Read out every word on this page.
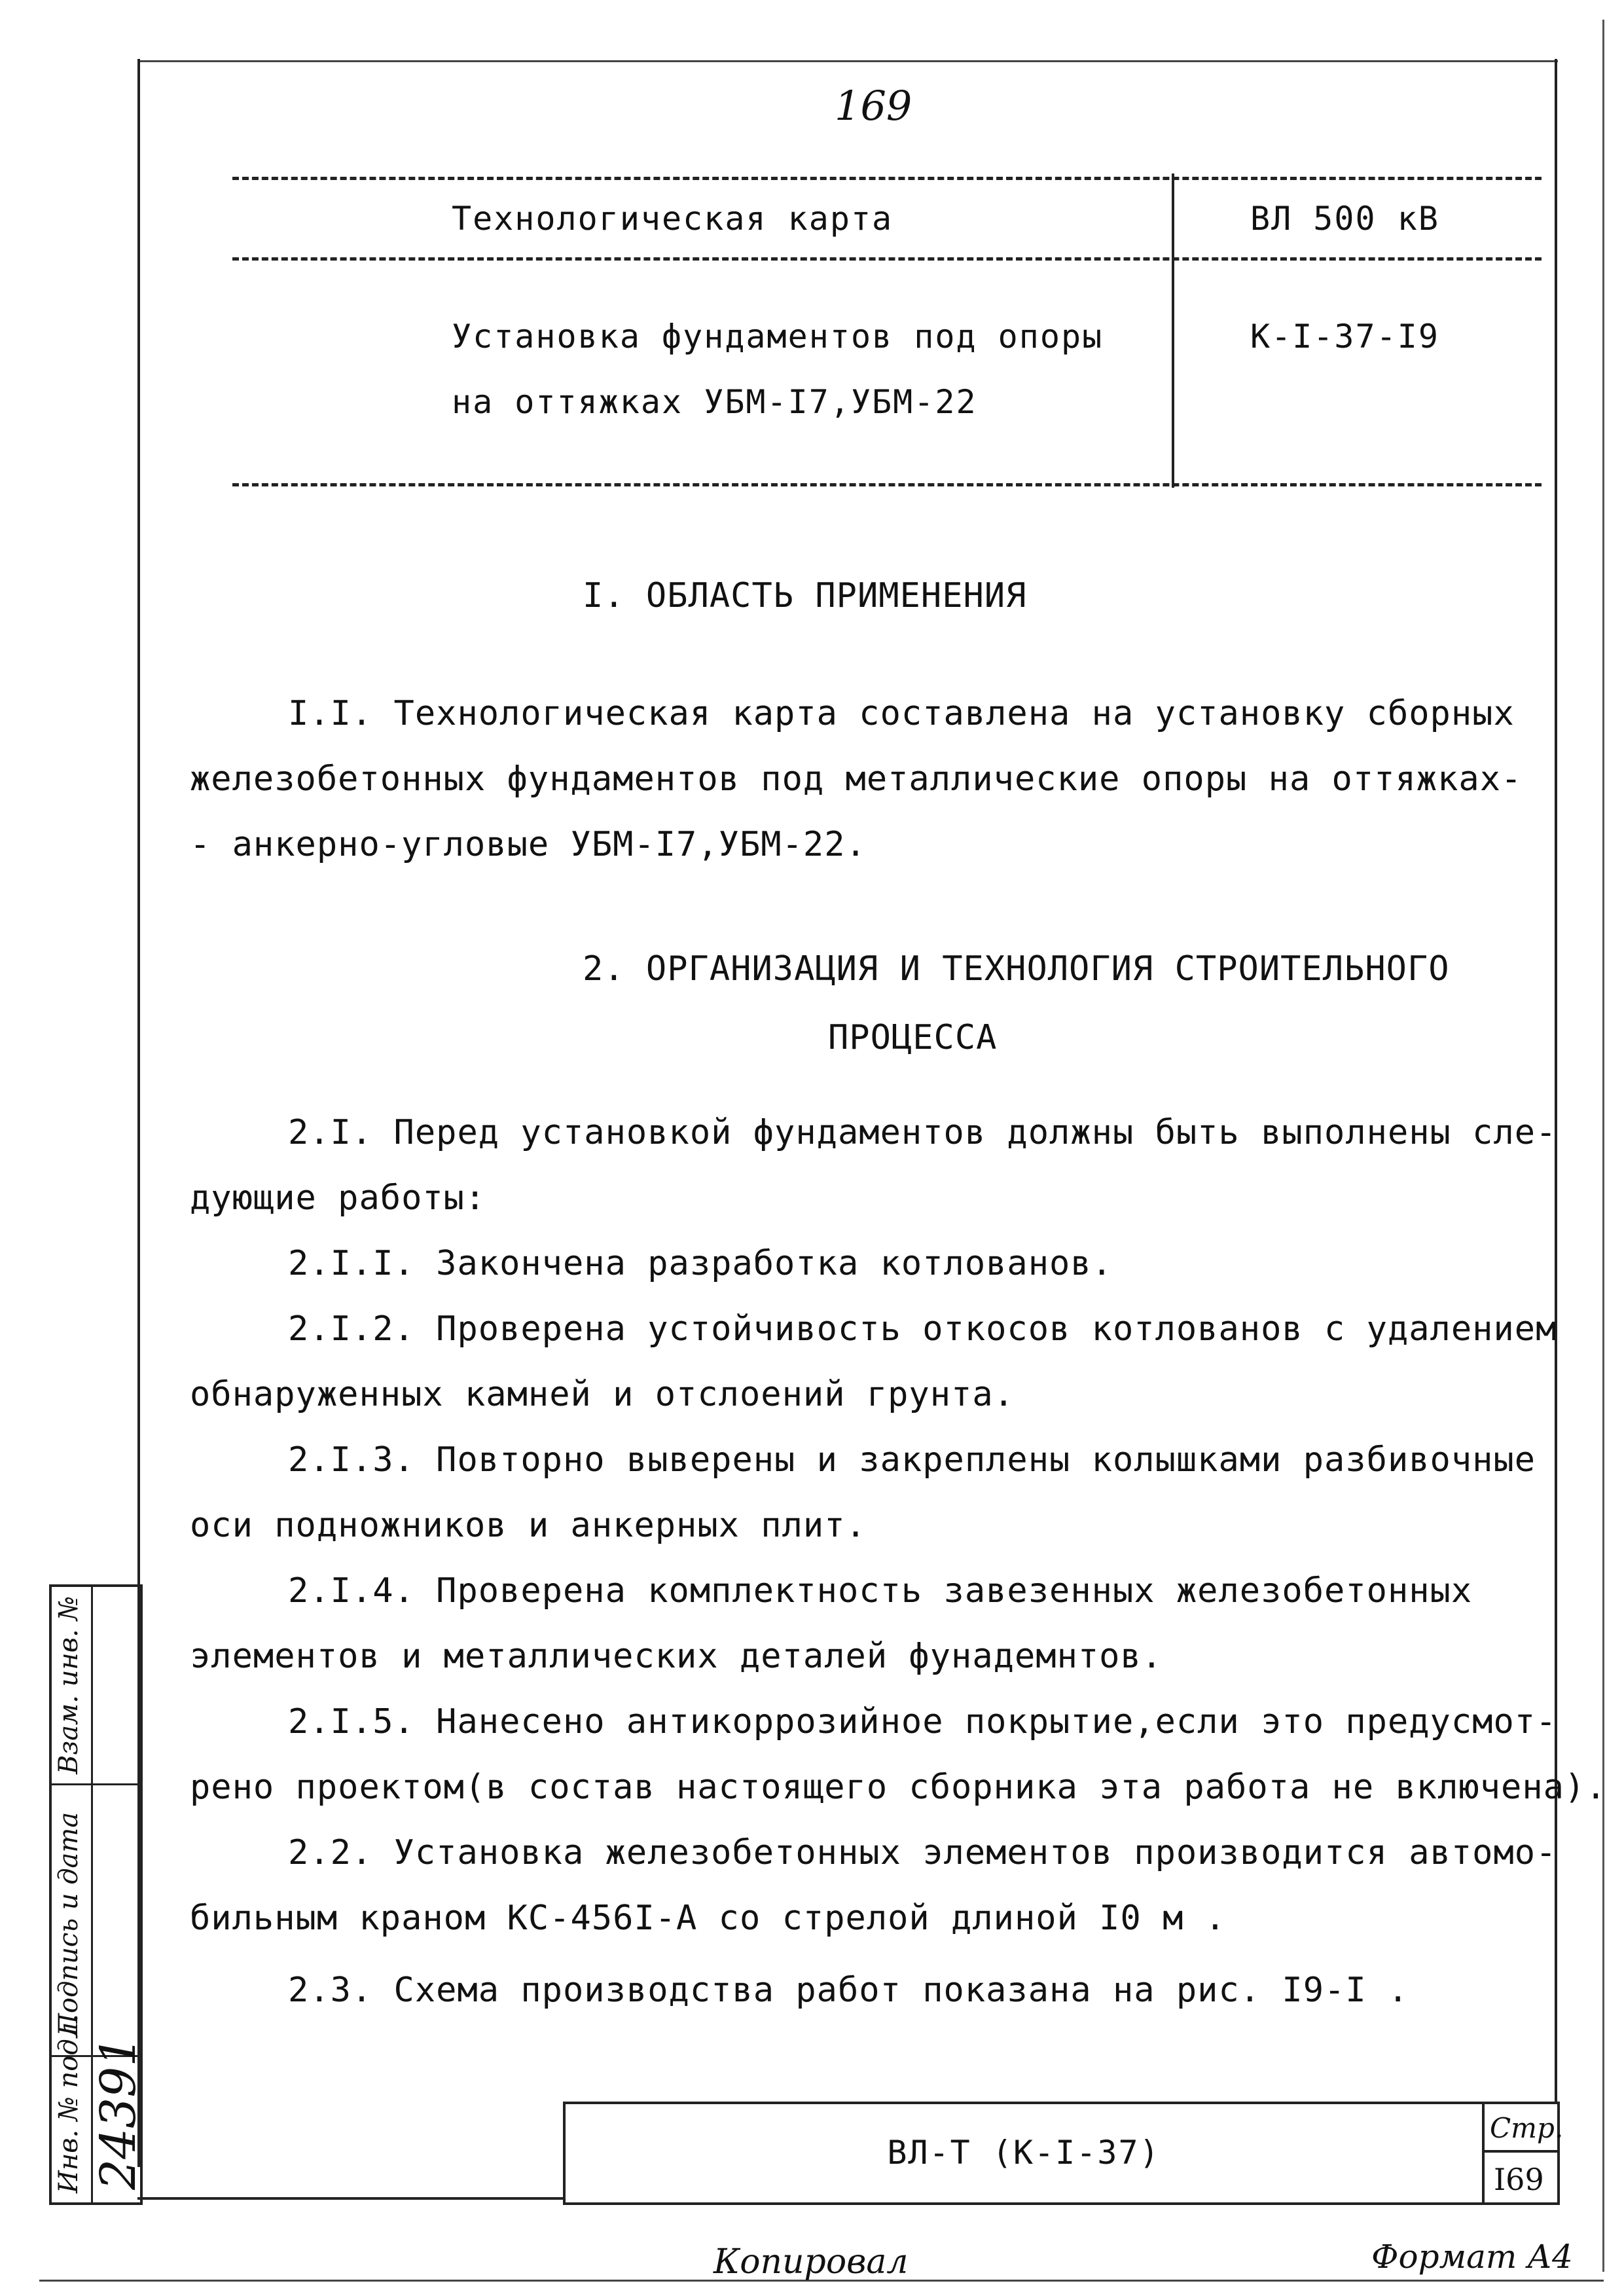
169
Технологическая карта	ВЛ 500 кВ
Установка фундаментов под опоры
на оттяжках УБМ-I7,УБМ-22
К-I-37-I9
I. ОБЛАСТЬ ПРИМЕНЕНИЯ
I.I. Технологическая карта составлена на установку сборных
железобетонных фундаментов под металлические опоры на оттяжках-
- анкерно-угловые УБМ-I7,УБМ-22.
2. ОРГАНИЗАЦИЯ И ТЕХНОЛОГИЯ СТРОИТЕЛЬНОГО
ПРОЦЕССА
2.I. Перед установкой фундаментов должны быть выполнены сле-
дующие работы:
2.I.I. Закончена разработка котлованов.
2.I.2. Проверена устойчивость откосов котлованов с удалением
обнаруженных камней и отслоений грунта.
2.I.3. Повторно выверены и закреплены колышками разбивочные
оси подножников и анкерных плит.
2.I.4. Проверена комплектность завезенных железобетонных
элементов и металлических деталей фунадемнтов.
2.I.5. Нанесено антикоррозийное покрытие,если это предусмот-
рено проектом(в состав настоящего сборника эта работа не включена).
2.2. Установка железобетонных элементов производится автомо-
бильным краном КС-456I-А со стрелой длиной I0 м .
2.3. Схема производства работ показана на рис. I9-I .
ВЛ-Т (К-I-37)
Стр.
I69
Инв. № подл. 24391
Подпись и дата
Взам. инв. №
Копировал	Формат А4
